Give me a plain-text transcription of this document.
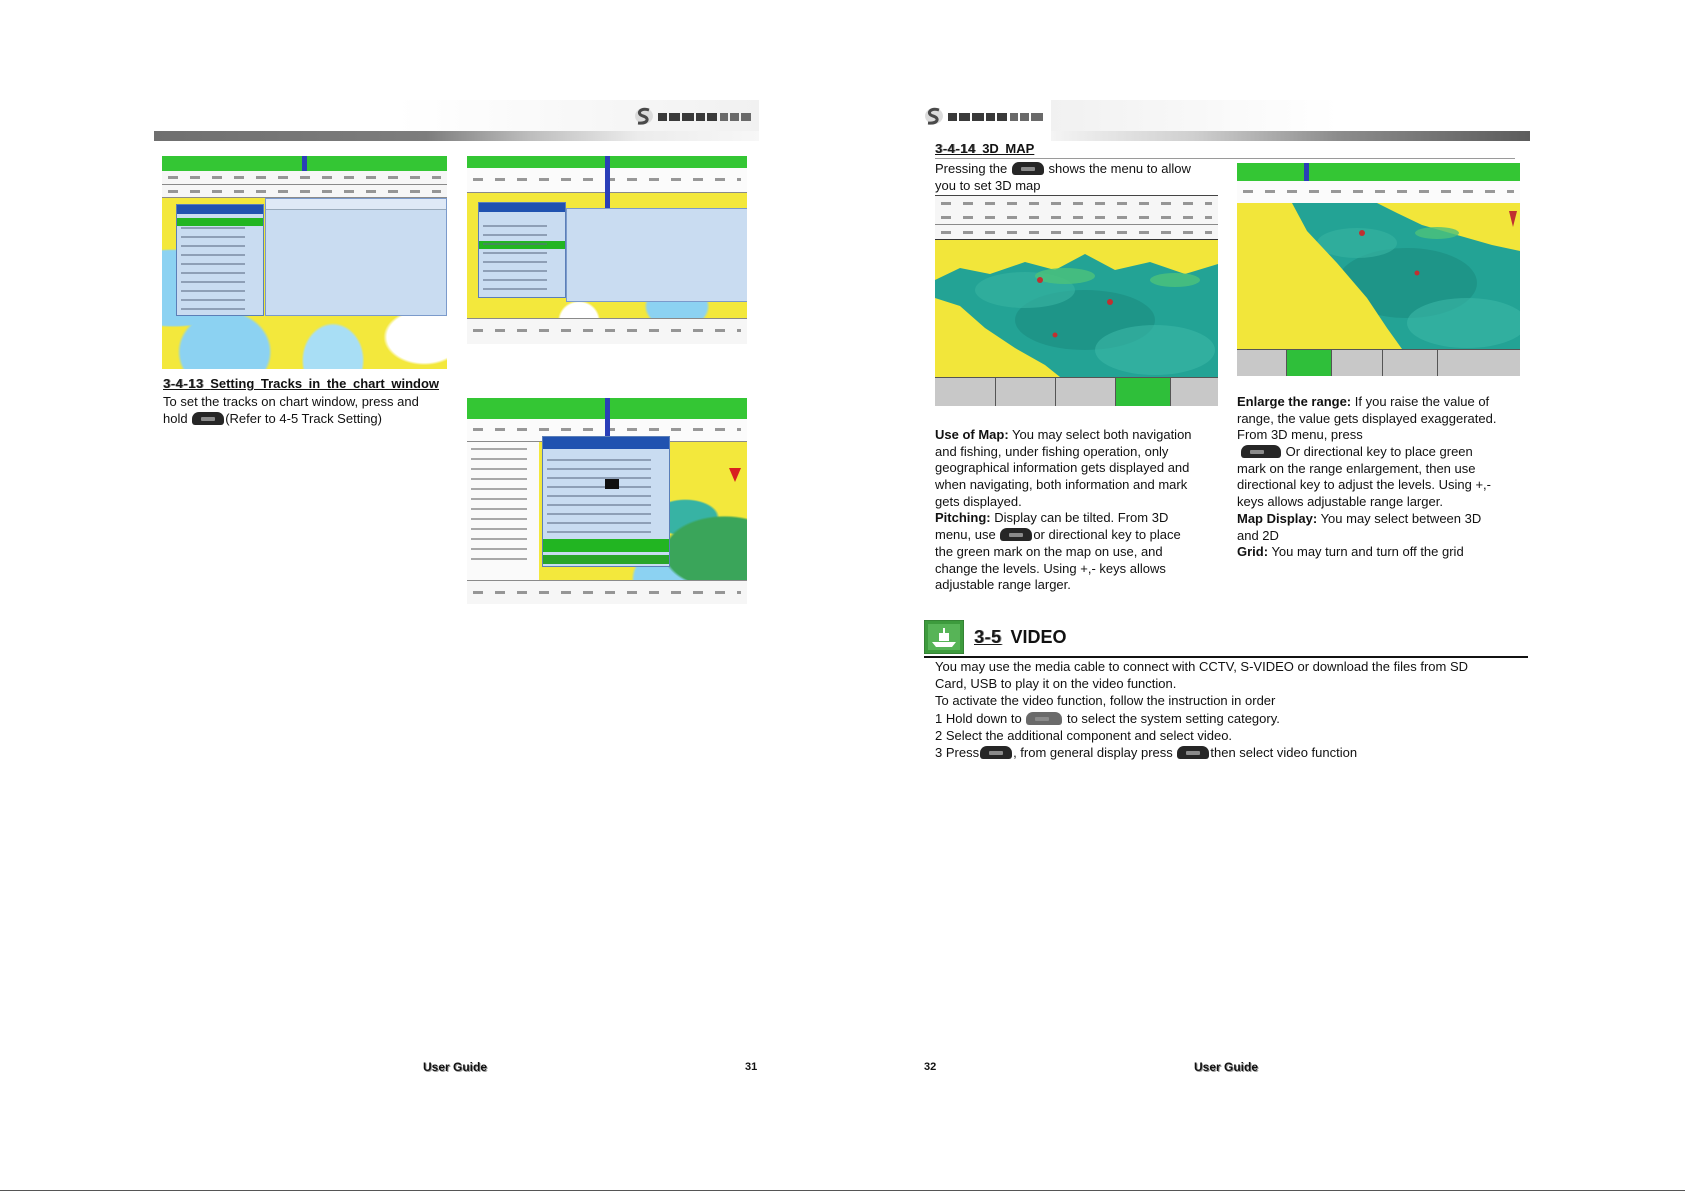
3-4-13 Setting Tracks in the chart window
To set the tracks on chart window, press and
hold	(Refer to 4-5 Track Setting)
User Guide	31
3-4-14 3D MAP
Pressing the	shows the menu to allow
you to set 3D map
Use of Map: You may select both navigation
and fishing, under fishing operation, only
geographical information gets displayed and
when navigating, both information and mark
gets displayed.
Pitching: Display can be tilted. From 3D
menu, use	or directional key to place
the green mark on the map on use, and
change the levels. Using +,- keys allows
adjustable range larger.
Enlarge the range: If you raise the value of
range, the value gets displayed exaggerated.
From 3D menu, press
Or directional key to place green
mark on the range enlargement, then use
directional key to adjust the levels. Using +,-
keys allows adjustable range larger.
Map Display: You may select between 3D
and 2D
Grid: You may turn and turn off the grid
3-5 VIDEO
You may use the media cable to connect with CCTV, S-VIDEO or download the files from SD
Card, USB to play it on the video function.
To activate the video function, follow the instruction in order
1 Hold down to	to select the system setting category.
2 Select the additional component and select video.
3 Press	, from general display press	then select video function
32	User Guide
